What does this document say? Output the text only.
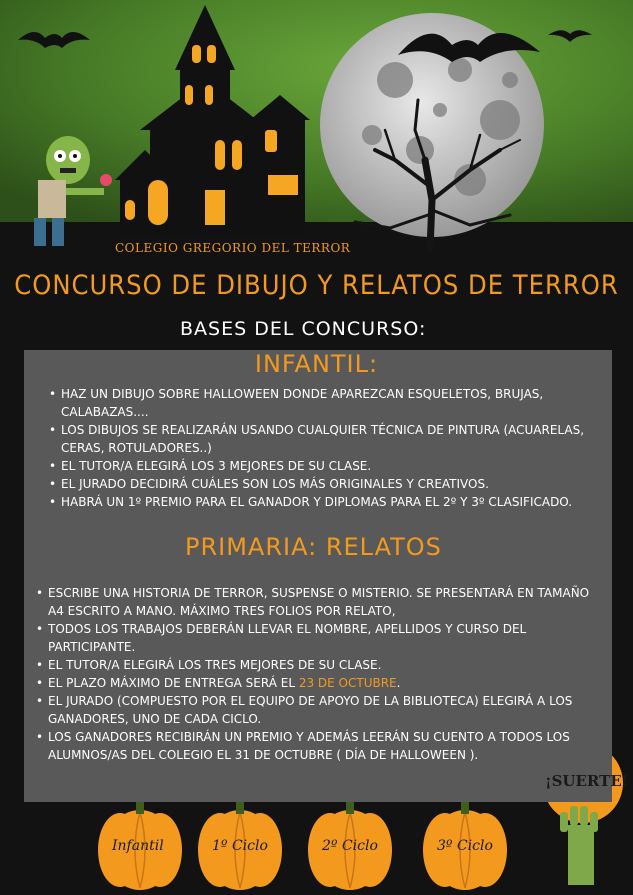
COLEGIO GREGORIO DEL TERROR
CONCURSO DE DIBUJO Y RELATOS DE TERROR
BASES DEL CONCURSO:
INFANTIL:
• HAZ UN DIBUJO SOBRE HALLOWEEN DONDE APAREZCAN ESQUELETOS, BRUJAS, CALABAZAS....
• LOS DIBUJOS SE REALIZARÁN USANDO CUALQUIER TÉCNICA DE PINTURA (ACUARELAS, CERAS, ROTULADORES..)
• EL TUTOR/A ELEGIRÁ LOS 3 MEJORES DE SU CLASE.
• EL JURADO DECIDIRÁ CUÁLES SON LOS MÁS ORIGINALES Y CREATIVOS.
• HABRÁ UN 1º PREMIO PARA EL GANADOR Y DIPLOMAS PARA EL 2º Y 3º CLASIFICADO.
PRIMARIA: RELATOS
• ESCRIBE UNA HISTORIA DE TERROR, SUSPENSE O MISTERIO. SE PRESENTARÁ EN TAMAÑO A4 ESCRITO A MANO. MÁXIMO TRES FOLIOS POR RELATO,
• TODOS LOS TRABAJOS DEBERÁN LLEVAR EL NOMBRE, APELLIDOS Y CURSO DEL PARTICIPANTE.
• EL TUTOR/A ELEGIRÁ LOS TRES MEJORES DE SU CLASE.
• EL PLAZO MÁXIMO DE ENTREGA SERÁ EL 23 DE OCTUBRE.
• EL JURADO (COMPUESTO POR EL EQUIPO DE APOYO DE LA BIBLIOTECA) ELEGIRÁ A LOS GANADORES, UNO DE CADA CICLO.
• LOS GANADORES RECIBIRÁN UN PREMIO Y ADEMÁS LEERÁN SU CUENTO A TODOS LOS ALUMNOS/AS DEL COLEGIO EL 31 DE OCTUBRE ( DÍA DE HALLOWEEN ).
Infantil	1º Ciclo	2º Ciclo	3º Ciclo
¡SUERTE!
